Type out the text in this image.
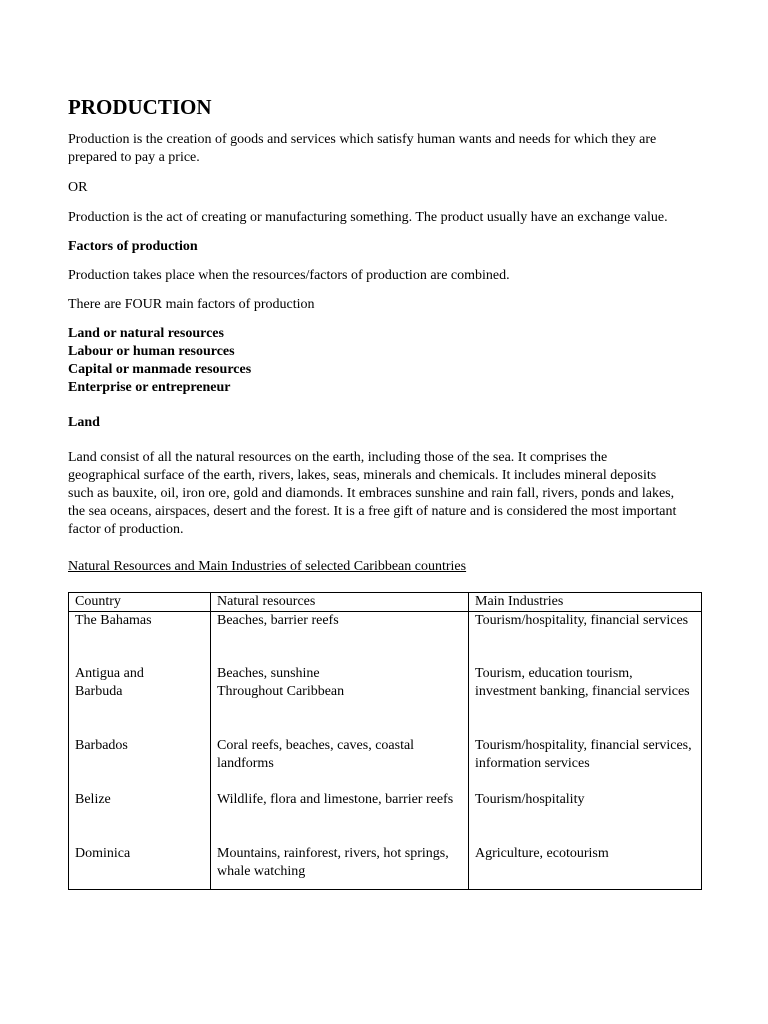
PRODUCTION

Production is the creation of goods and services which satisfy human wants and needs for which they are prepared to pay a price.

OR

Production is the act of creating or manufacturing something. The product usually have an exchange value.

Factors of production

Production takes place when the resources/factors of production are combined.

There are FOUR main factors of production

Land or natural resources
Labour or human resources
Capital or manmade resources
Enterprise or entrepreneur

Land

Land consist of all the natural resources on the earth, including those of the sea. It comprises the geographical surface of the earth, rivers, lakes, seas, minerals and chemicals. It includes mineral deposits such as bauxite, oil, iron ore, gold and diamonds. It embraces sunshine and rain fall, rivers, ponds and lakes, the sea oceans, airspaces, desert and the forest. It is a free gift of nature and is considered the most important factor of production.

Natural Resources and Main Industries of selected Caribbean countries

Country	Natural resources	Main Industries
The Bahamas	Beaches, barrier reefs	Tourism/hospitality, financial services
Antigua and Barbuda	Beaches, sunshine Throughout Caribbean	Tourism, education tourism, investment banking, financial services
Barbados	Coral reefs, beaches, caves, coastal landforms	Tourism/hospitality, financial services, information services
Belize	Wildlife, flora and limestone, barrier reefs	Tourism/hospitality
Dominica	Mountains, rainforest, rivers, hot springs, whale watching	Agriculture, ecotourism
